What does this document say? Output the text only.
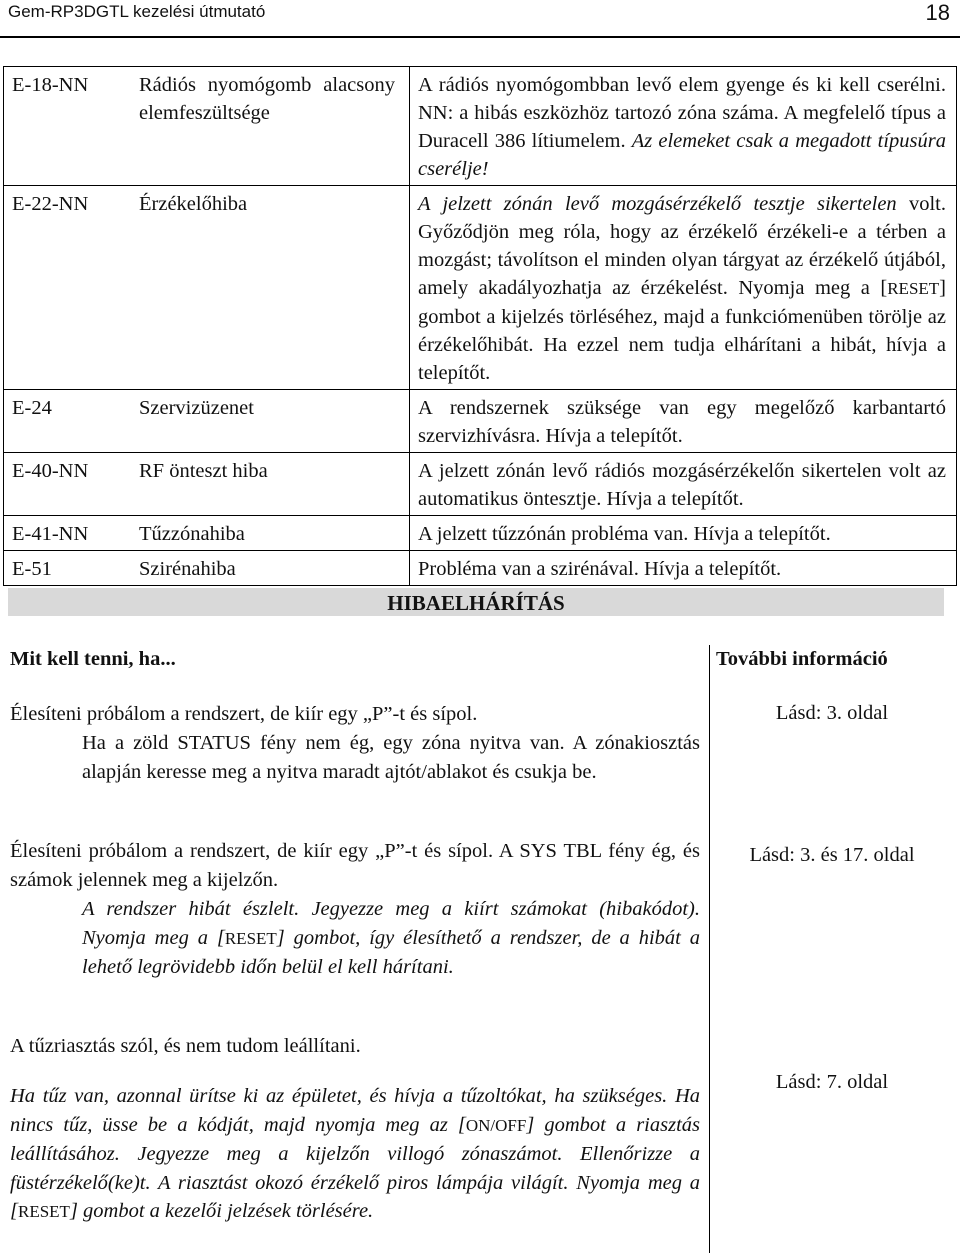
Gem-RP3DGTL kezelési útmutató	18
E-18-NN	Rádiós nyomógomb alacsony elemfeszültsége	A rádiós nyomógombban levő elem gyenge és ki kell cserélni. NN: a hibás eszközhöz tartozó zóna száma. A megfelelő típus a Duracell 386 lítiumelem. Az elemeket csak a megadott típusúra cserélje!
E-22-NN	Érzékelőhiba	A jelzett zónán levő mozgásérzékelő tesztje sikertelen volt. Győződjön meg róla, hogy az érzékelő érzékeli-e a térben a mozgást; távolítson el minden olyan tárgyat az érzékelő útjából, amely akadályozhatja az érzékelést. Nyomja meg a [RESET] gombot a kijelzés törléséhez, majd a funkciómenüben törölje az érzékelőhibát. Ha ezzel nem tudja elhárítani a hibát, hívja a telepítőt.
E-24	Szervizüzenet	A rendszernek szüksége van egy megelőző karbantartó szervizhívásra. Hívja a telepítőt.
E-40-NN	RF önteszt hiba	A jelzett zónán levő rádiós mozgásérzékelőn sikertelen volt az automatikus öntesztje. Hívja a telepítőt.
E-41-NN	Tűzzónahiba	A jelzett tűzzónán probléma van. Hívja a telepítőt.
E-51	Szirénahiba	Probléma van a szirénával. Hívja a telepítőt.
HIBAELHÁRÍTÁS
Mit kell tenni, ha...	További információ
Élesíteni próbálom a rendszert, de kiír egy „P”-t és sípol.
Ha a zöld STATUS fény nem ég, egy zóna nyitva van. A zónakiosztás alapján keresse meg a nyitva maradt ajtót/ablakot és csukja be.
Lásd: 3. oldal
Élesíteni próbálom a rendszert, de kiír egy „P”-t és sípol. A SYS TBL fény ég, és számok jelennek meg a kijelzőn.
A rendszer hibát észlelt. Jegyezze meg a kiírt számokat (hibakódot). Nyomja meg a [RESET] gombot, így élesíthető a rendszer, de a hibát a lehető legrövidebb időn belül el kell hárítani.
Lásd: 3. és 17. oldal
A tűzriasztás szól, és nem tudom leállítani.
Ha tűz van, azonnal ürítse ki az épületet, és hívja a tűzoltókat, ha szükséges. Ha nincs tűz, üsse be a kódját, majd nyomja meg az [ON/OFF] gombot a riasztás leállításához. Jegyezze meg a kijelzőn villogó zónaszámot. Ellenőrizze a füstérzékelő(ke)t. A riasztást okozó érzékelő piros lámpája világít. Nyomja meg a [RESET] gombot a kezelői jelzések törlésére.
Lásd: 7. oldal
